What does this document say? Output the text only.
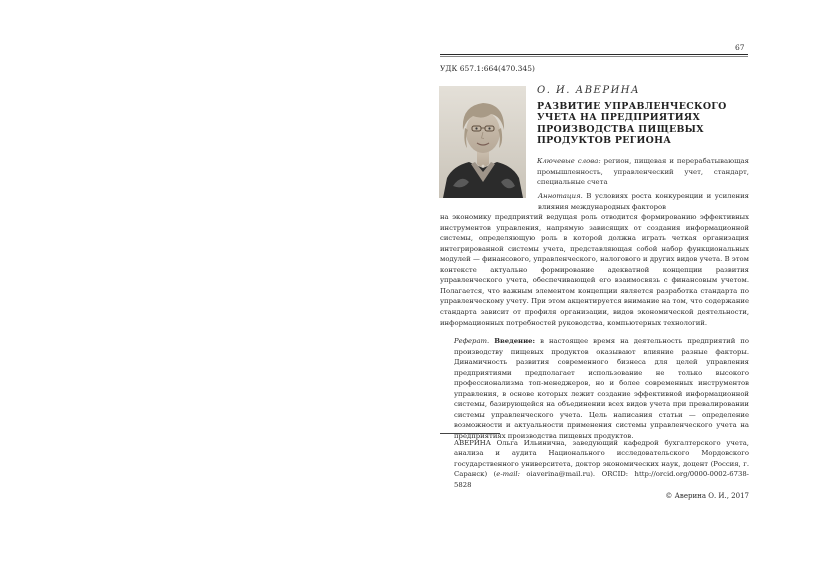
67
УДК 657.1:664(470.345)
О. И. АВЕРИНА
РАЗВИТИЕ УПРАВЛЕНЧЕСКОГО
УЧЕТА НА ПРЕДПРИЯТИЯХ
ПРОИЗВОДСТВА ПИЩЕВЫХ
ПРОДУКТОВ РЕГИОНА
Ключевые слова: регион, пищевая и перерабатывающая промышленность, управленческий учет, стандарт, специальные счета
Аннотация. В условиях роста конкуренции и усиления влияния международных факторов
на экономику предприятий ведущая роль отводится формированию эффективных инструментов управления, напрямую зависящих от создания информационной системы, определяющую роль в которой должна играть четкая организация интегрированной системы учета, представляющая собой набор функциональных модулей — финансового, управленческого, налогового и других видов учета. В этом контексте актуально формирование адекватной концепции развития управленческого учета, обеспечивающей его взаимосвязь с финансовым учетом. Полагается, что важным элементом концепции является разработка стандарта по управленческому учету. При этом акцентируется внимание на том, что содержание стандарта зависит от профиля организации, видов экономической деятельности, информационных потребностей руководства, компьютерных технологий.
Реферат. Введение: в настоящее время на деятельность предприятий по производству пищевых продуктов оказывают влияние разные факторы. Динамичность развития современного бизнеса для целей управления предприятиями предполагает использование не только высокого профессионализма топ-менеджеров, но и более современных инструментов управления, в основе которых лежит создание эффективной информационной системы, базирующейся на объединении всех видов учета при превалировании системы управленческого учета. Цель написания статьи — определение возможности и актуальности применения системы управленческого учета на предприятиях производства пищевых продуктов.
АВЕРИНА Ольга Ильинична, заведующий кафедрой бухгалтерского учета, анализа и аудита Национального исследовательского Мордовского государственного университета, доктор экономических наук, доцент (Россия, г. Саранск) (e-mail: oiaverina@mail.ru). ORCID: http://orcid.org/0000-0002-6738-5828
© Аверина О. И., 2017
